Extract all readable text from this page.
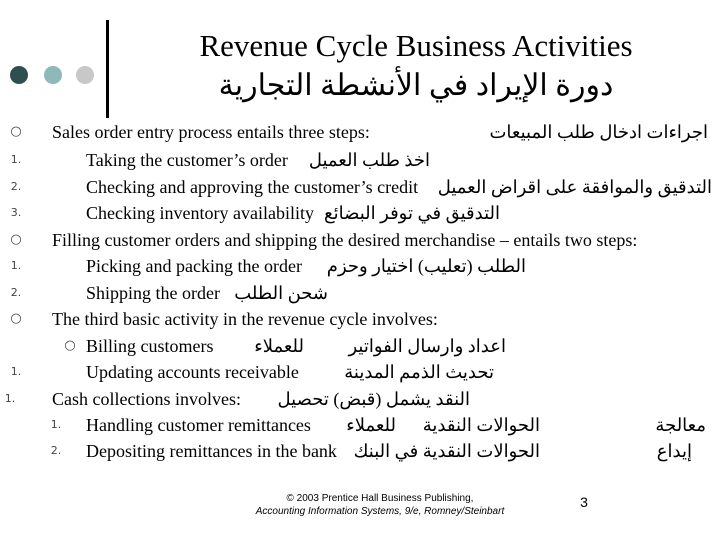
Revenue Cycle Business Activities
دورة الإيراد في الأنشطة التجارية
○ Sales order entry process entails three steps:	اجراءات ادخال طلب المبيعات
1.	Taking the customer’s order اخذ طلب العميل
2.	Checking and approving the customer’s credit التدقيق والموافقة على اقراض العميل
3.	Checking inventory availability التدقيق في توفر البضائع
○ Filling customer orders and shipping the desired merchandise – entails two steps:
1.	Picking and packing the order الطلب (تعليب) اختيار وحزم
2.	Shipping the order شحن الطلب
○ The third basic activity in the revenue cycle involves:
○ Billing customers للعملاء اعداد وارسال الفواتير
1.	Updating accounts receivable	تحديث الذمم المدينة
1. Cash collections involves: النقد يشمل (قبض) تحصيل
1. Handling customer remittances للعملاء الحوالات النقدية	معالجة
2. Depositing remittances in the bank الحوالات النقدية في البنك	إيداع
© 2003 Prentice Hall Business Publishing,
Accounting Information Systems, 9/e, Romney/Steinbart
3
